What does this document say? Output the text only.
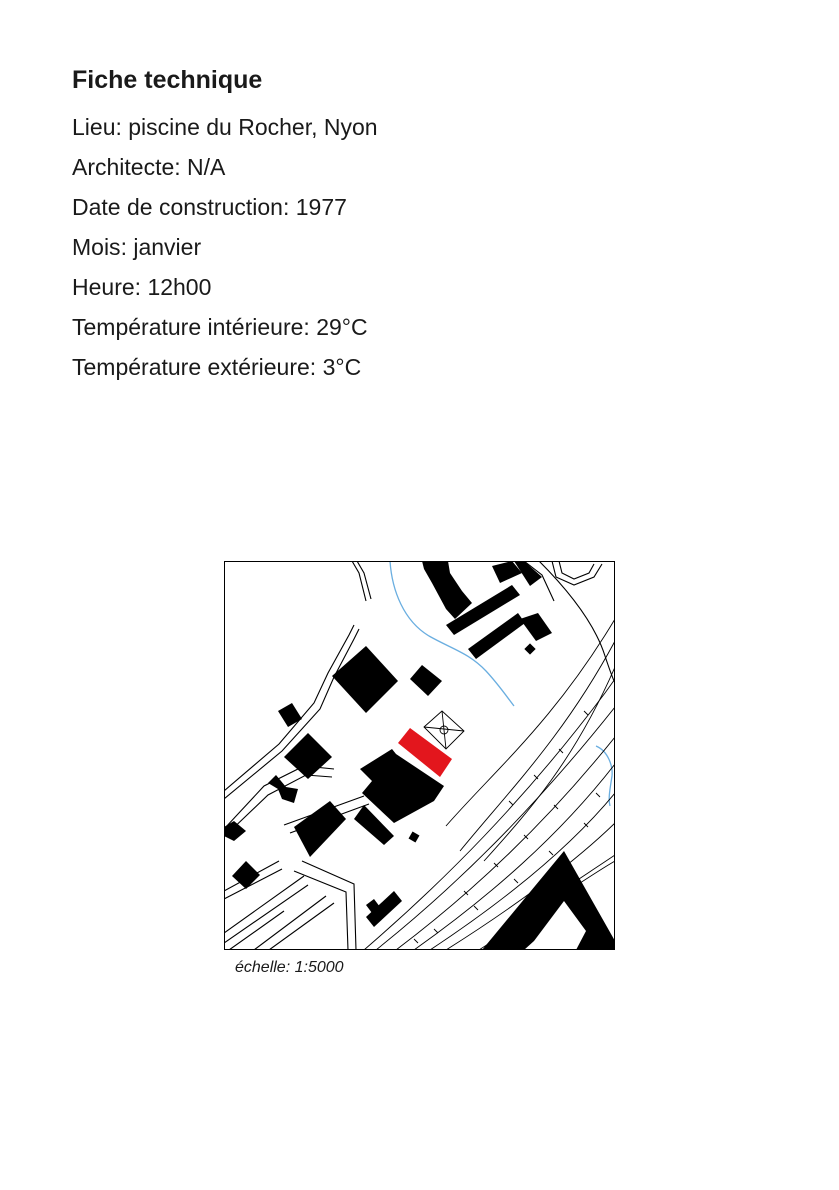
Fiche technique
Lieu: piscine du Rocher, Nyon
Architecte: N/A
Date de construction: 1977
Mois: janvier
Heure: 12h00
Température intérieure: 29°C
Température extérieure: 3°C
échelle: 1:5000
